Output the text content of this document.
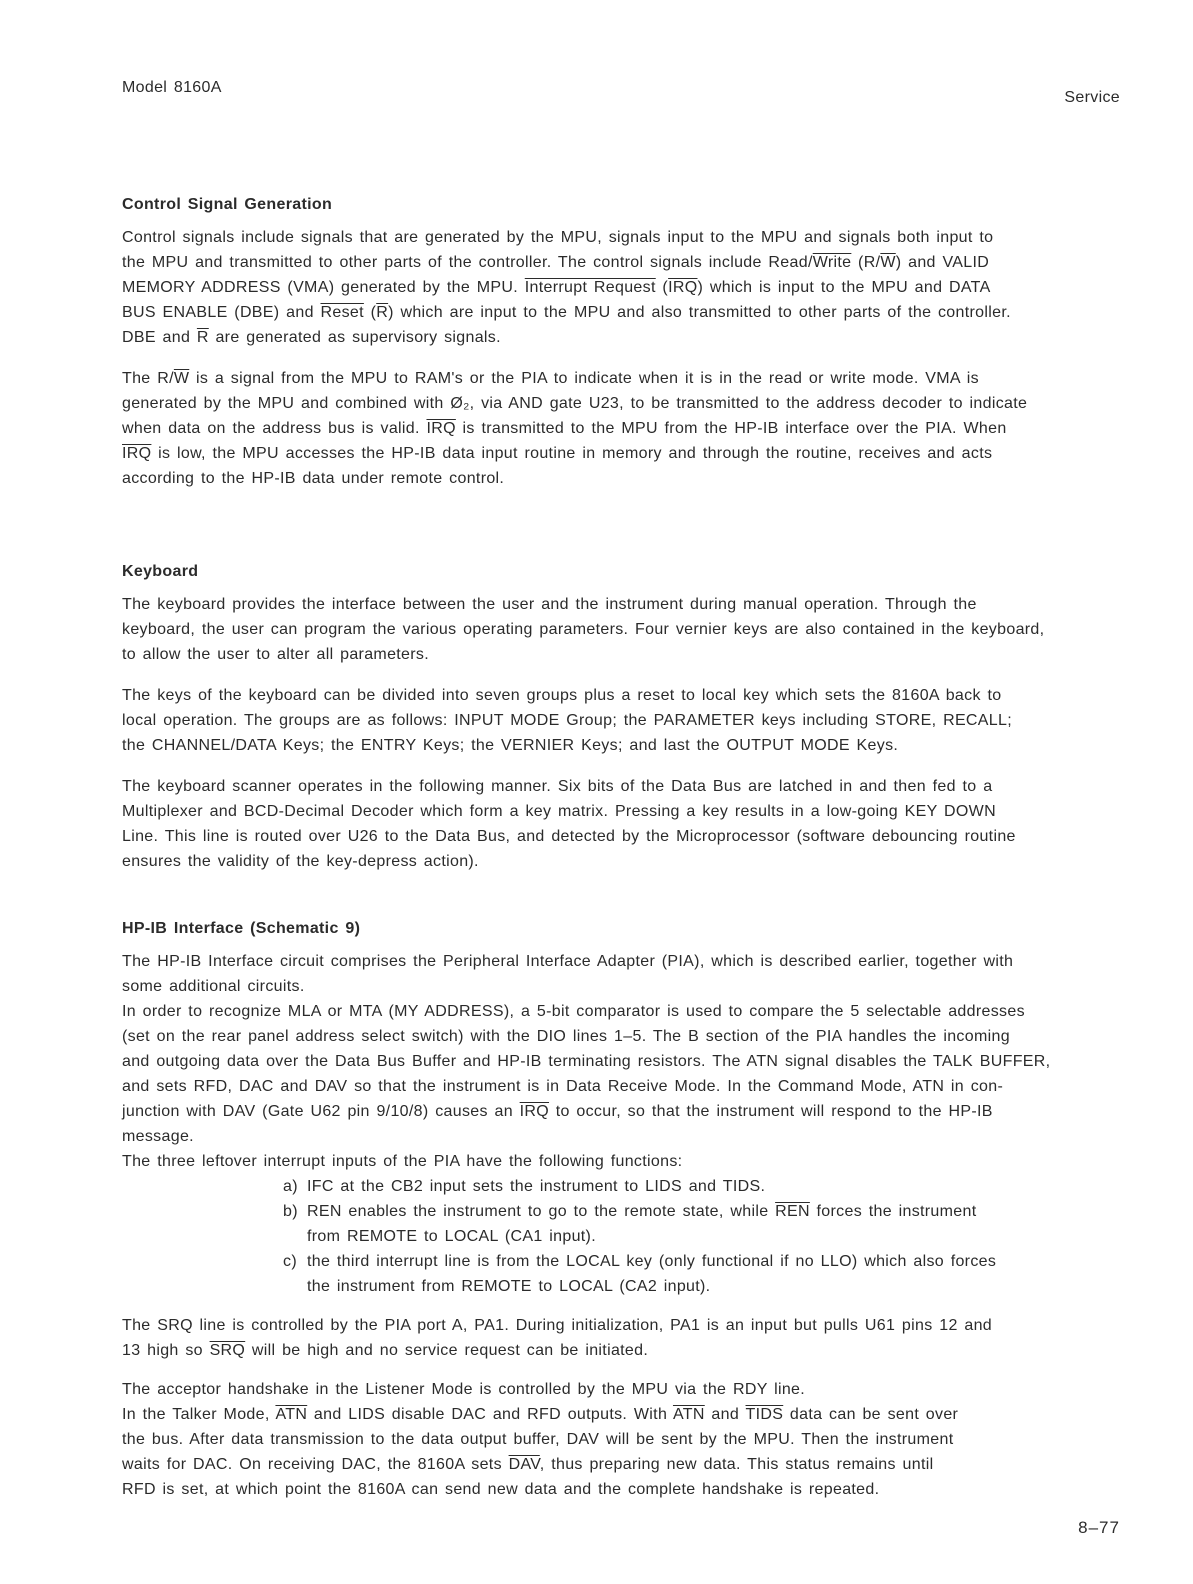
Model 8160A
Service
Control Signal Generation
Control signals include signals that are generated by the MPU, signals input to the MPU and signals both input to
the MPU and transmitted to other parts of the controller. The control signals include Read/Write $(R/\overline{W})$ and VALID
MEMORY ADDRESS (VMA) generated by the MPU. Interrupt Request $(\overline{IRQ})$ which is input to the MPU and DATA
BUS ENABLE (DBE) and Reset $(\overline{R})$ which are input to the MPU and also transmitted to other parts of the controller.
DBE and $\overline{R}$ are generated as supervisory signals.
The $R/\overline{W}$ is a signal from the MPU to RAM's or the PIA to indicate when it is in the read or write mode. VMA is
generated by the MPU and combined with Ø₂, via AND gate U23, to be transmitted to the address decoder to indicate
when data on the address bus is valid. $\overline{IRQ}$ is transmitted to the MPU from the HP-IB interface over the PIA. When
$\overline{IRQ}$ is low, the MPU accesses the HP-IB data input routine in memory and through the routine, receives and acts
according to the HP-IB data under remote control.
Keyboard
The keyboard provides the interface between the user and the instrument during manual operation. Through the
keyboard, the user can program the various operating parameters. Four vernier keys are also contained in the keyboard,
to allow the user to alter all parameters.
The keys of the keyboard can be divided into seven groups plus a reset to local key which sets the 8160A back to
local operation. The groups are as follows: INPUT MODE Group; the PARAMETER keys including STORE, RECALL;
the CHANNEL/DATA Keys; the ENTRY Keys; the VERNIER Keys; and last the OUTPUT MODE Keys.
The keyboard scanner operates in the following manner. Six bits of the Data Bus are latched in and then fed to a
Multiplexer and BCD-Decimal Decoder which form a key matrix. Pressing a key results in a low-going KEY DOWN
Line. This line is routed over U26 to the Data Bus, and detected by the Microprocessor (software debouncing routine
ensures the validity of the key-depress action).
HP-IB Interface (Schematic 9)
The HP-IB Interface circuit comprises the Peripheral Interface Adapter (PIA), which is described earlier, together with
some additional circuits.
In order to recognize MLA or MTA (MY ADDRESS), a 5-bit comparator is used to compare the 5 selectable addresses
(set on the rear panel address select switch) with the DIO lines 1–5. The B section of the PIA handles the incoming
and outgoing data over the Data Bus Buffer and HP-IB terminating resistors. The ATN signal disables the TALK BUFFER,
and sets RFD, DAC and DAV so that the instrument is in Data Receive Mode. In the Command Mode, ATN in con-
junction with DAV (Gate U62 pin 9/10/8) causes an $\overline{IRQ}$ to occur, so that the instrument will respond to the HP-IB
message.
The three leftover interrupt inputs of the PIA have the following functions:
a) IFC at the CB2 input sets the instrument to LIDS and TIDS.
b) REN enables the instrument to go to the remote state, while $\overline{REN}$ forces the instrument
from REMOTE to LOCAL (CA1 input).
c) the third interrupt line is from the LOCAL key (only functional if no LLO) which also forces
the instrument from REMOTE to LOCAL (CA2 input).
The SRQ line is controlled by the PIA port A, PA1. During initialization, PA1 is an input but pulls U61 pins 12 and
13 high so $\overline{SRQ}$ will be high and no service request can be initiated.
The acceptor handshake in the Listener Mode is controlled by the MPU via the RDY line.
In the Talker Mode, $\overline{ATN}$ and LIDS disable DAC and RFD outputs. With $\overline{ATN}$ and TIDS data can be sent over
the bus. After data transmission to the data output buffer, DAV will be sent by the MPU. Then the instrument
waits for DAC. On receiving DAC, the 8160A sets $\overline{DAV}$, thus preparing new data. This status remains until
RFD is set, at which point the 8160A can send new data and the complete handshake is repeated.
8–77
